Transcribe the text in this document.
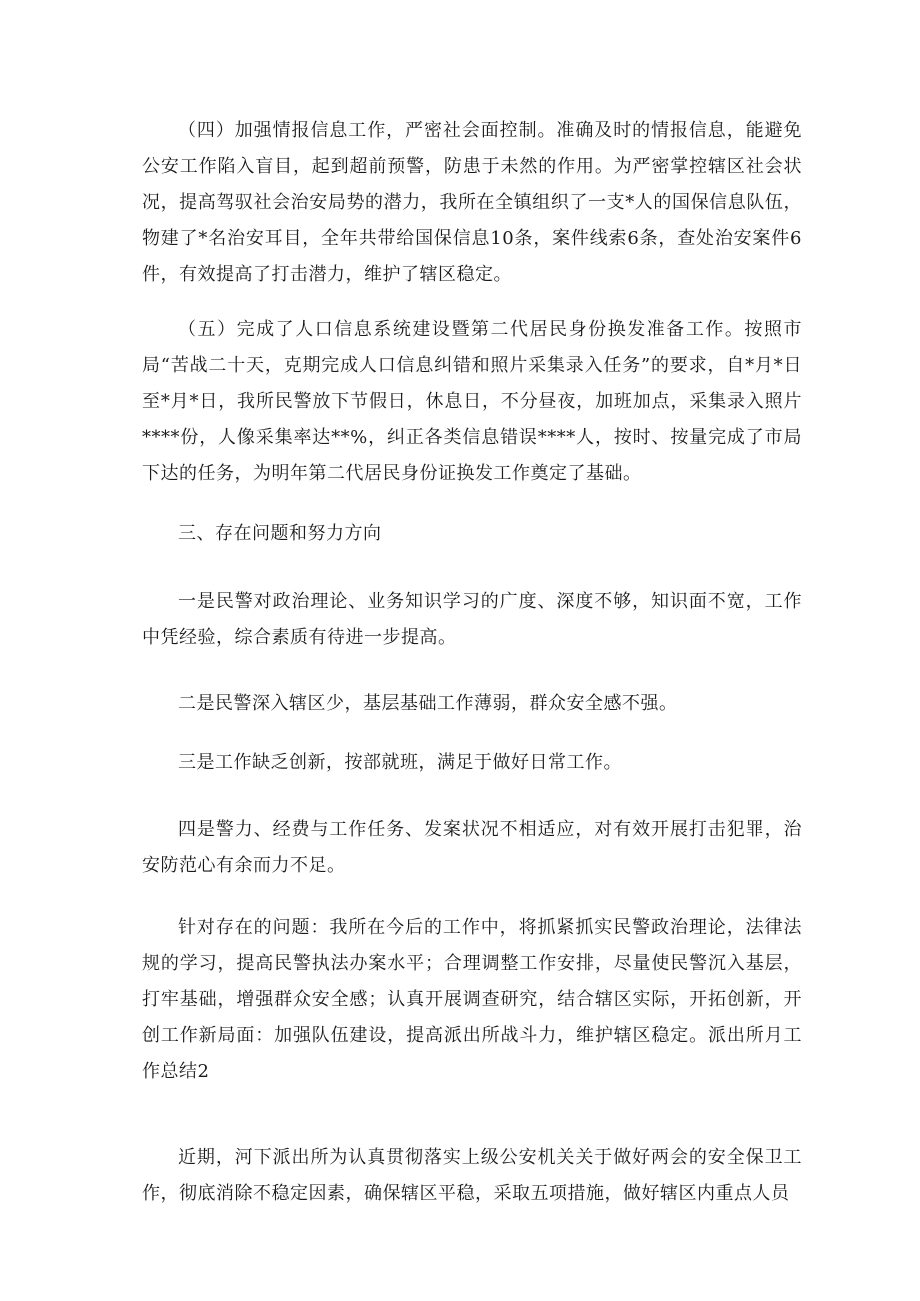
（四）加强情报信息工作，严密社会面控制。准确及时的情报信息，能避免公安工作陷入盲目，起到超前预警，防患于未然的作用。为严密掌控辖区社会状况，提高驾驭社会治安局势的潜力，我所在全镇组织了一支*人的国保信息队伍，物建了*名治安耳目，全年共带给国保信息10条，案件线索6条，查处治安案件6件，有效提高了打击潜力，维护了辖区稳定。

（五）完成了人口信息系统建设暨第二代居民身份换发准备工作。按照市局“苦战二十天，克期完成人口信息纠错和照片采集录入任务”的要求，自*月*日至*月*日，我所民警放下节假日，休息日，不分昼夜，加班加点，采集录入照片****份，人像采集率达**%，纠正各类信息错误****人，按时、按量完成了市局下达的任务，为明年第二代居民身份证换发工作奠定了基础。

三、存在问题和努力方向

一是民警对政治理论、业务知识学习的广度、深度不够，知识面不宽，工作中凭经验，综合素质有待进一步提高。

二是民警深入辖区少，基层基础工作薄弱，群众安全感不强。

三是工作缺乏创新，按部就班，满足于做好日常工作。

四是警力、经费与工作任务、发案状况不相适应，对有效开展打击犯罪，治安防范心有余而力不足。

针对存在的问题：我所在今后的工作中，将抓紧抓实民警政治理论，法律法规的学习，提高民警执法办案水平；合理调整工作安排，尽量使民警沉入基层，打牢基础，增强群众安全感；认真开展调查研究，结合辖区实际，开拓创新，开创工作新局面：加强队伍建设，提高派出所战斗力，维护辖区稳定。派出所月工作总结2

近期，河下派出所为认真贯彻落实上级公安机关关于做好两会的安全保卫工作，彻底消除不稳定因素，确保辖区平稳，采取五项措施，做好辖区内重点人员
